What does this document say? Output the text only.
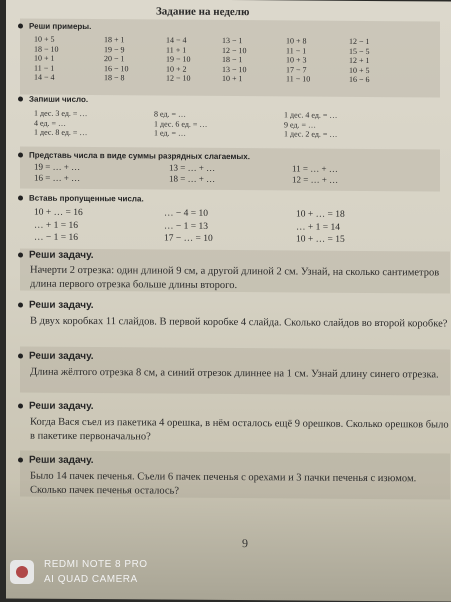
Задание на неделю
Реши примеры.
10 + 5
18 − 10
10 + 1
11 − 1
14 − 4
18 + 1
19 − 9
20 − 1
16 − 10
18 − 8
14 − 4
11 + 1
19 − 10
10 + 2
12 − 10
13 − 1
12 − 10
18 − 1
13 − 10
10 + 1
10 + 8
11 − 1
10 + 3
17 − 7
11 − 10
12 − 1
15 − 5
12 + 1
10 + 5
16 − 6
Запиши число.
1 дес. 3 ед. = …
4 ед. = …
1 дес. 8 ед. = …
8 ед. = …
1 дес. 6 ед. = …
1 ед. = …
1 дес. 4 ед. = …
9 ед. = …
1 дес. 2 ед. = …
Представь числа в виде суммы разрядных слагаемых.
19 = … + …
16 = … + …
13 = … + …
18 = … + …
11 = … + …
12 = … + …
Вставь пропущенные числа.
10 + … = 16
… + 1 = 16
… − 1 = 16
… − 4 = 10
… − 1 = 13
17 − … = 10
10 + … = 18
… + 1 = 14
10 + … = 15
Реши задачу.
Начерти 2 отрезка: один длиной 9 см, а другой длиной 2 см. Узнай, на сколько сантиметров длина первого отрезка больше длины второго.
Реши задачу.
В двух коробках 11 слайдов. В первой коробке 4 слайда. Сколько слайдов во второй коробке?
Реши задачу.
Длина жёлтого отрезка 8 см, а синий отрезок длиннее на 1 см. Узнай длину синего отрезка.
Реши задачу.
Когда Вася съел из пакетика 4 орешка, в нём осталось ещё 9 орешков. Сколько орешков было в пакетике первоначально?
Реши задачу.
Было 14 пачек печенья. Съели 6 пачек печенья с орехами и 3 пачки печенья с изюмом. Сколько пачек печенья осталось?
9
REDMI NOTE 8 PRO
AI QUAD CAMERA
